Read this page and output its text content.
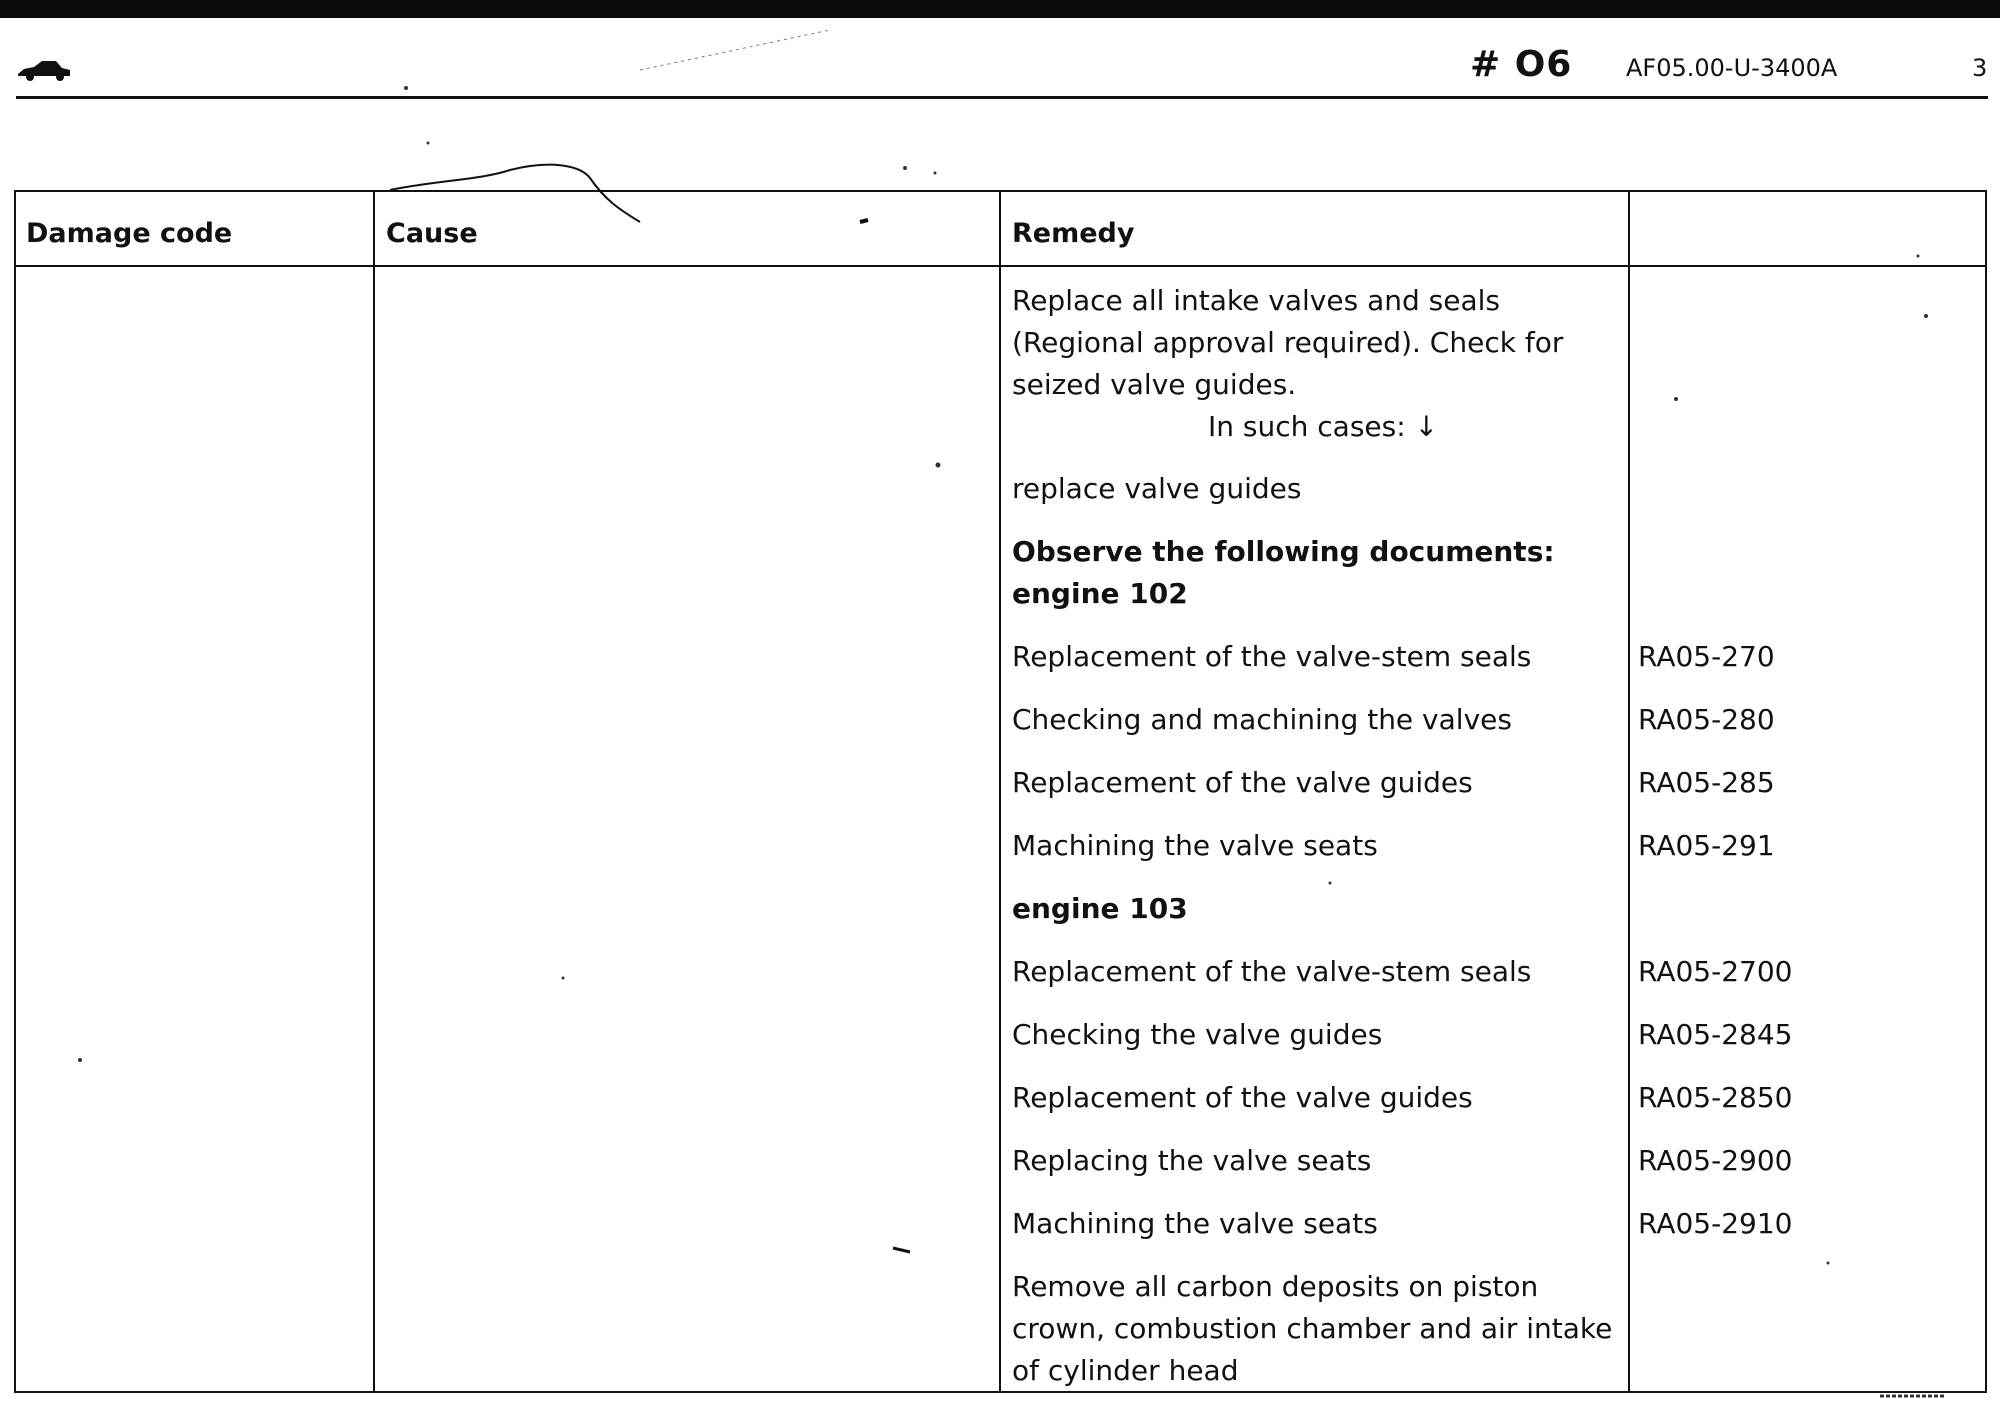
# O6 AF05.00-U-3400A	3
Damage code	Cause	Remedy
Replace all intake valves and seals
(Regional approval required). Check for
seized valve guides.
In such cases: ↓
replace valve guides
Observe the following documents:
engine 102
Replacement of the valve-stem seals	RA05-270
Checking and machining the valves	RA05-280
Replacement of the valve guides	RA05-285
Machining the valve seats	RA05-291
engine 103
Replacement of the valve-stem seals	RA05-2700
Checking the valve guides	RA05-2845
Replacement of the valve guides	RA05-2850
Replacing the valve seats	RA05-2900
Machining the valve seats	RA05-2910
Remove all carbon deposits on piston
crown, combustion chamber and air intake
of cylinder head
